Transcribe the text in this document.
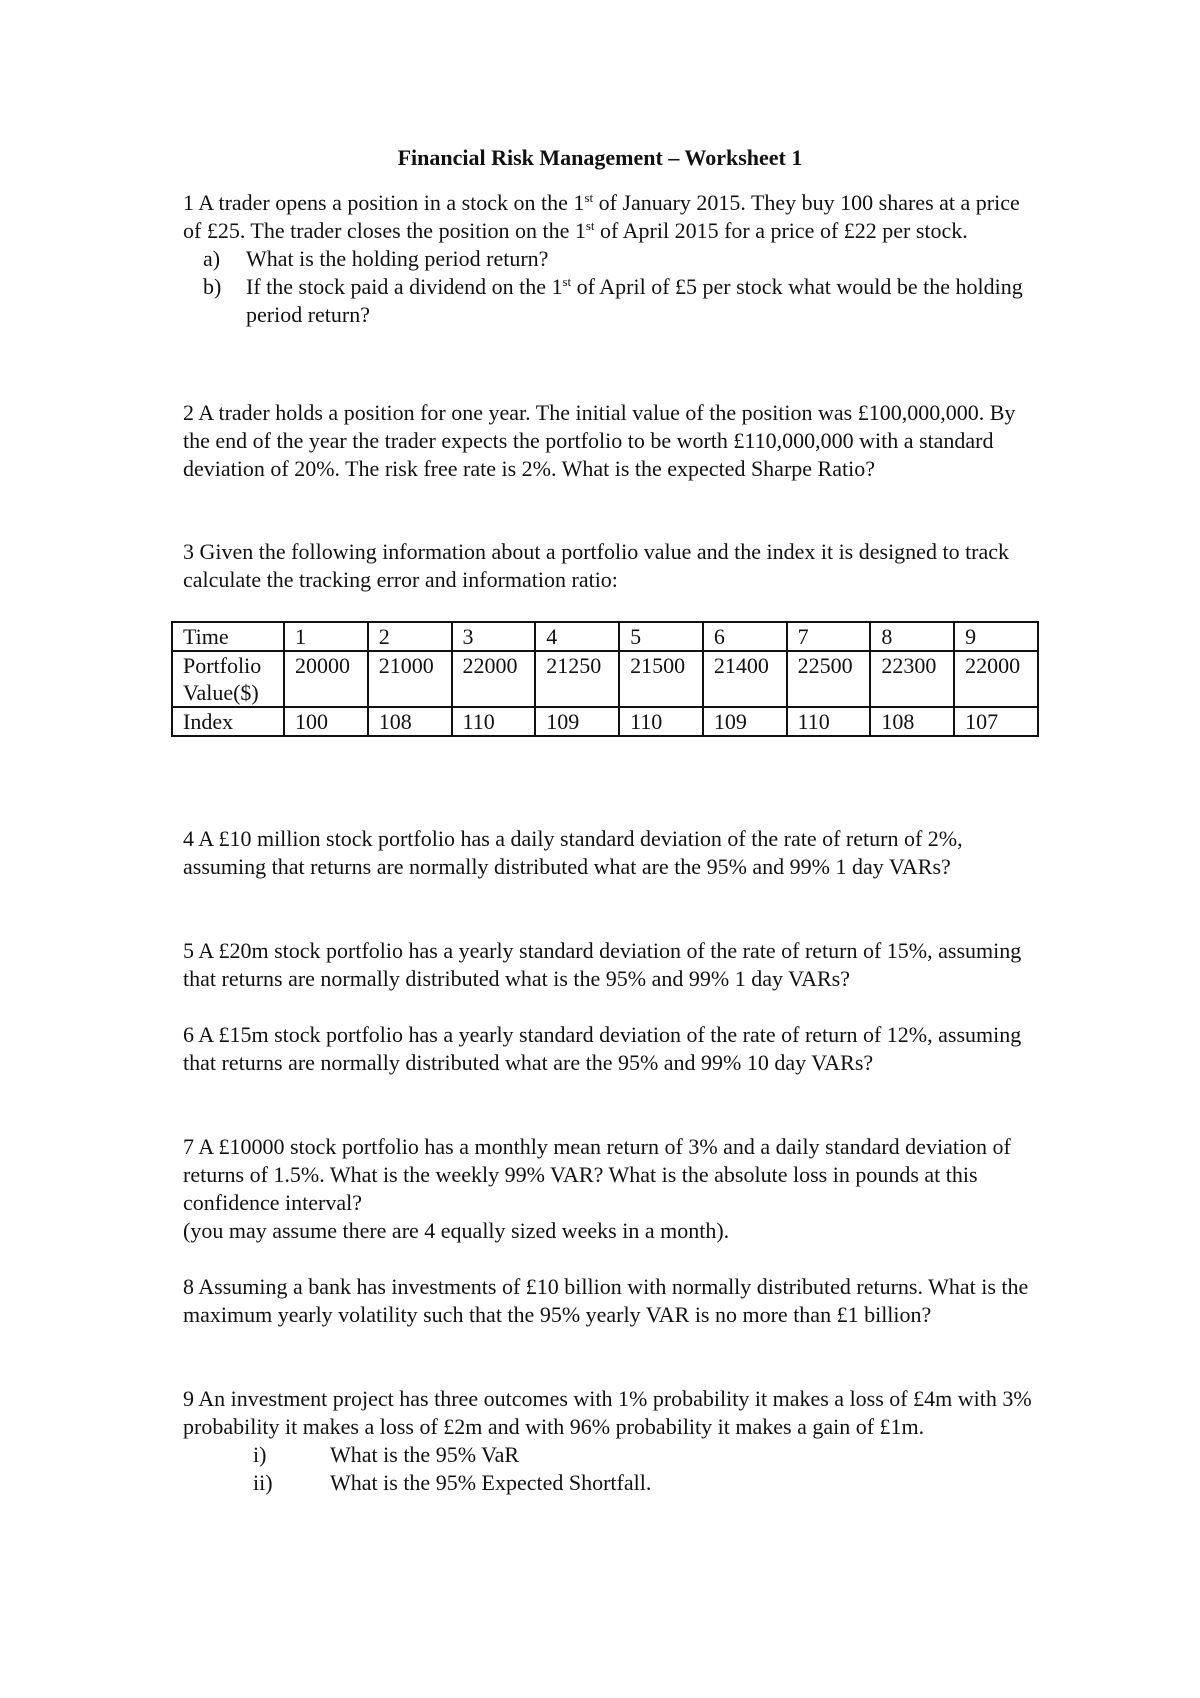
Financial Risk Management – Worksheet 1

1 A trader opens a position in a stock on the 1st of January 2015. They buy 100 shares at a price of £25. The trader closes the position on the 1st of April 2015 for a price of £22 per stock.

a)	What is the holding period return?
b)	If the stock paid a dividend on the 1st of April of £5 per stock what would be the holding period return?

2 A trader holds a position for one year. The initial value of the position was £100,000,000. By the end of the year the trader expects the portfolio to be worth £110,000,000 with a standard deviation of 20%. The risk free rate is 2%. What is the expected Sharpe Ratio?

3 Given the following information about a portfolio value and the index it is designed to track calculate the tracking error and information ratio:

Time	1	2	3	4	5	6	7	8	9
Portfolio Value($)	20000	21000	22000	21250	21500	21400	22500	22300	22000
Index	100	108	110	109	110	109	110	108	107

4 A £10 million stock portfolio has a daily standard deviation of the rate of return of 2%, assuming that returns are normally distributed what are the 95% and 99% 1 day VARs?

5 A £20m stock portfolio has a yearly standard deviation of the rate of return of 15%, assuming that returns are normally distributed what is the 95% and 99% 1 day VARs?

6 A £15m stock portfolio has a yearly standard deviation of the rate of return of 12%, assuming that returns are normally distributed what are the 95% and 99% 10 day VARs?

7 A £10000 stock portfolio has a monthly mean return of 3% and a daily standard deviation of returns of 1.5%. What is the weekly 99% VAR? What is the absolute loss in pounds at this confidence interval?

(you may assume there are 4 equally sized weeks in a month).

8 Assuming a bank has investments of £10 billion with normally distributed returns. What is the maximum yearly volatility such that the 95% yearly VAR is no more than £1 billion?

9 An investment project has three outcomes with 1% probability it makes a loss of £4m with 3% probability it makes a loss of £2m and with 96% probability it makes a gain of £1m.

i)	What is the 95% VaR
ii)	What is the 95% Expected Shortfall.
